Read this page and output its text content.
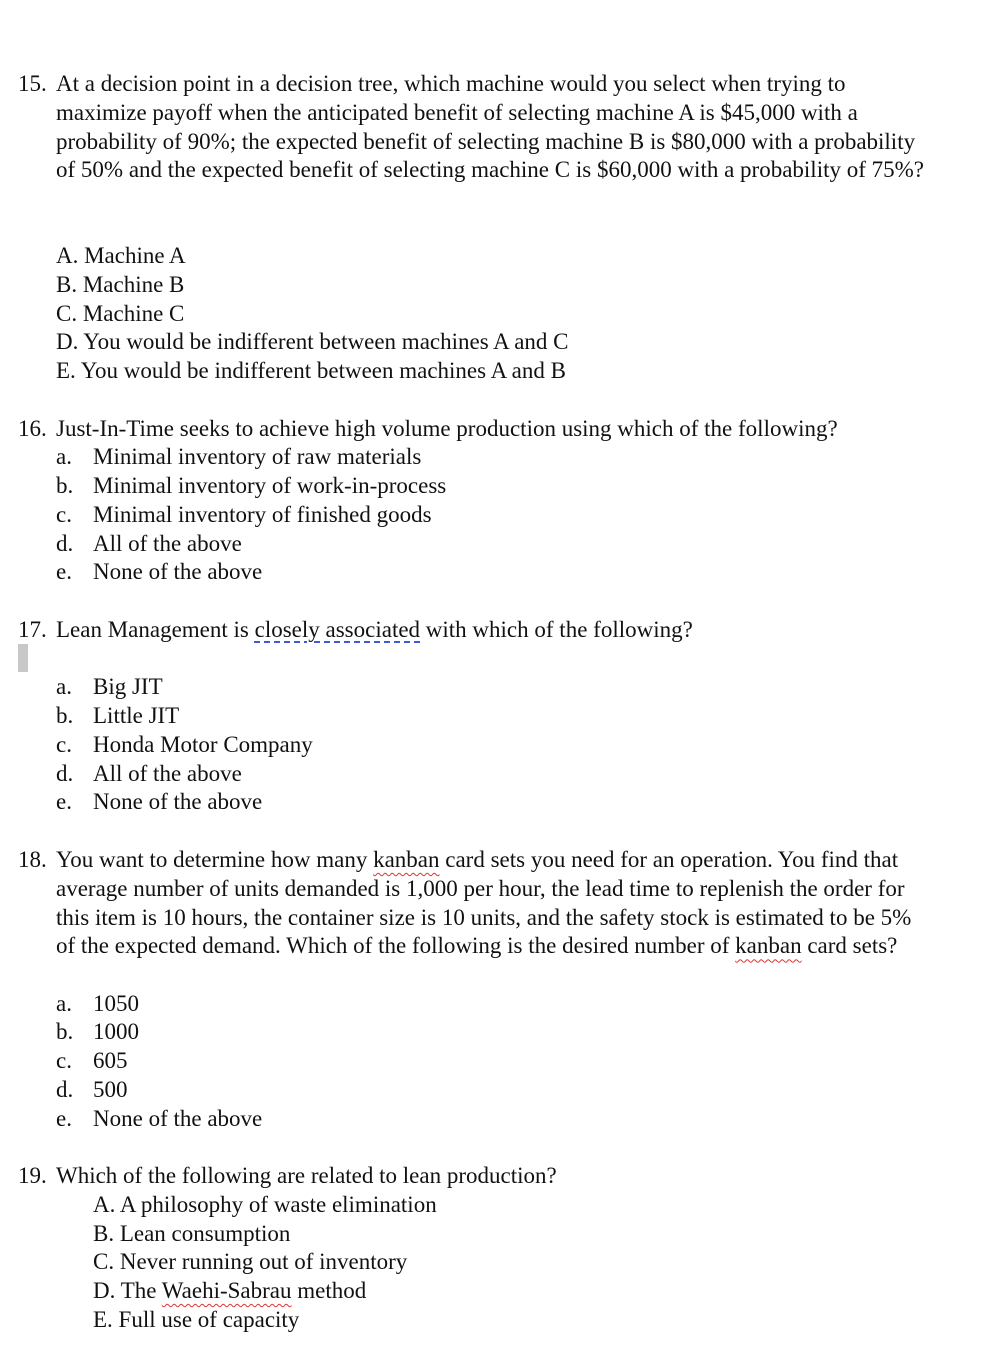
15. At a decision point in a decision tree, which machine would you select when trying to maximize payoff when the anticipated benefit of selecting machine A is $45,000 with a probability of 90%; the expected benefit of selecting machine B is $80,000 with a probability of 50% and the expected benefit of selecting machine C is $60,000 with a probability of 75%?
A. Machine A
B. Machine B
C. Machine C
D. You would be indifferent between machines A and C
E. You would be indifferent between machines A and B
16. Just-In-Time seeks to achieve high volume production using which of the following?
a. Minimal inventory of raw materials
b. Minimal inventory of work-in-process
c. Minimal inventory of finished goods
d. All of the above
e. None of the above
17. Lean Management is closely associated with which of the following?
a. Big JIT
b. Little JIT
c. Honda Motor Company
d. All of the above
e. None of the above
18. You want to determine how many kanban card sets you need for an operation. You find that average number of units demanded is 1,000 per hour, the lead time to replenish the order for this item is 10 hours, the container size is 10 units, and the safety stock is estimated to be 5% of the expected demand. Which of the following is the desired number of kanban card sets?
a. 1050
b. 1000
c. 605
d. 500
e. None of the above
19. Which of the following are related to lean production?
A. A philosophy of waste elimination
B. Lean consumption
C. Never running out of inventory
D. The Waehi-Sabrau method
E. Full use of capacity
